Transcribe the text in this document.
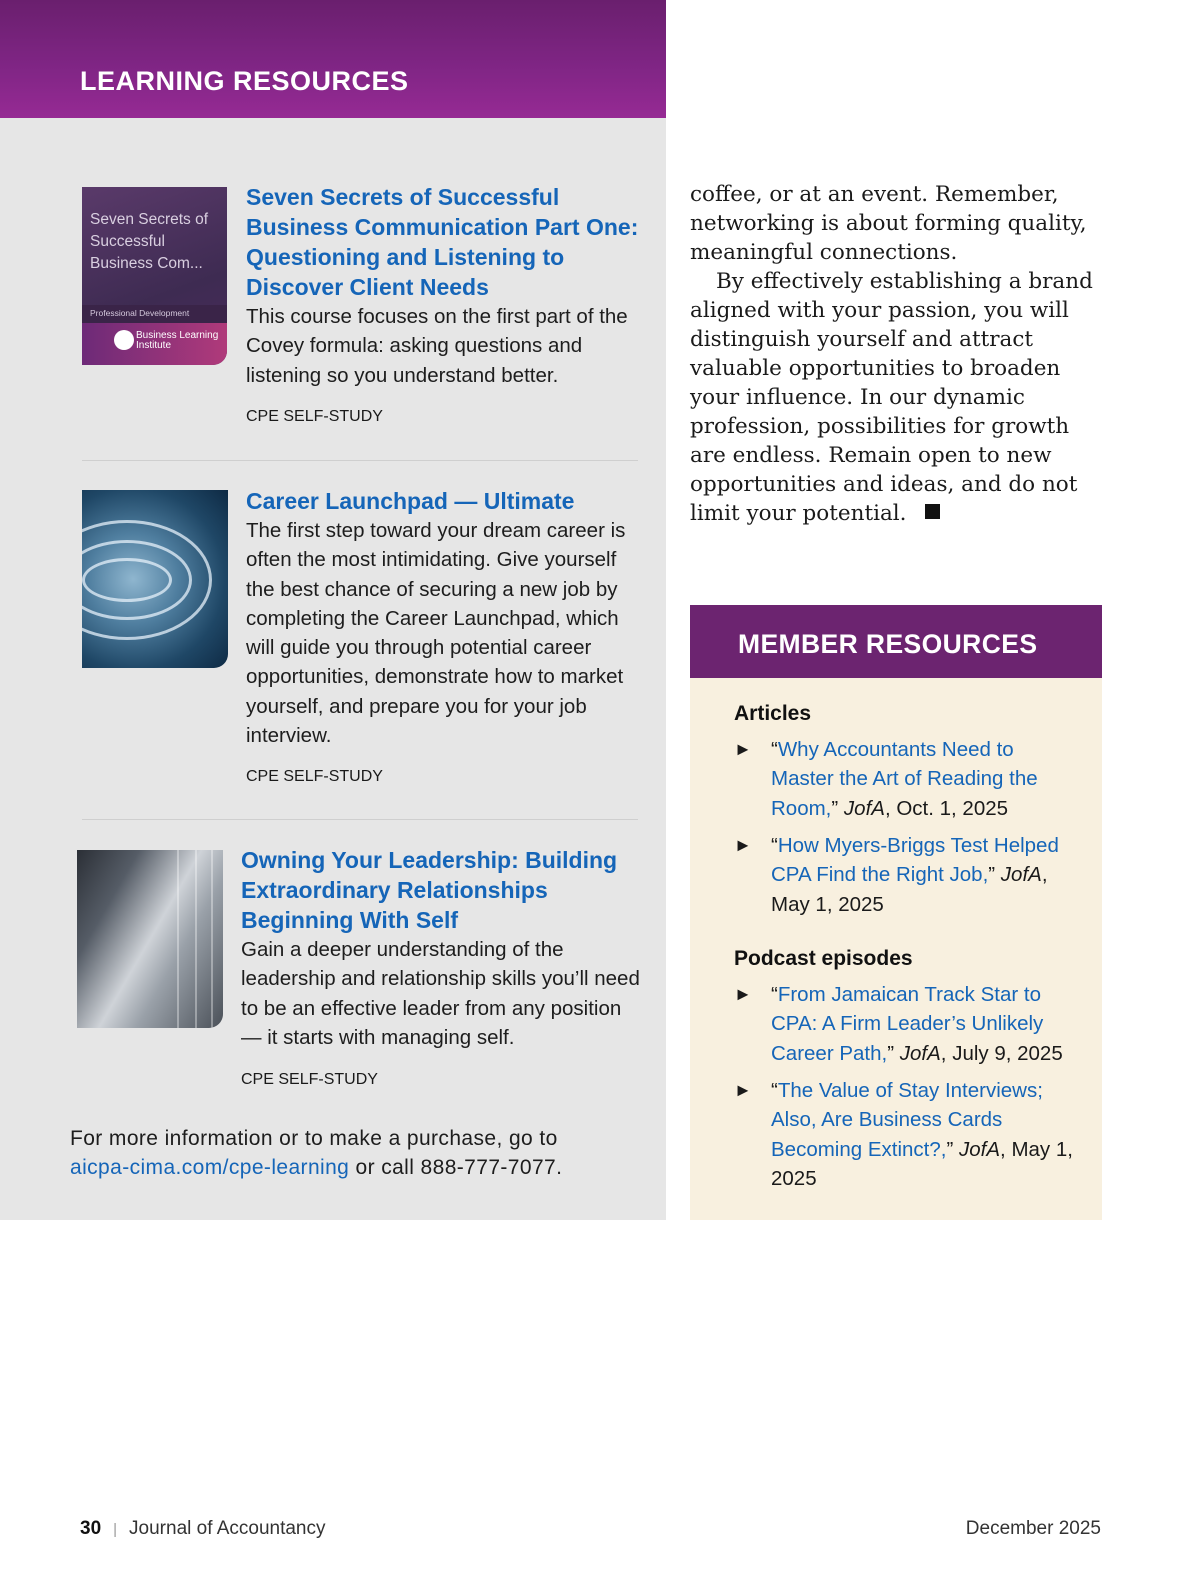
LEARNING RESOURCES
Seven Secrets of Successful Business Com...
Professional Development
Business Learning Institute
Seven Secrets of Successful Business Communication Part One: Questioning and Listening to Discover Client Needs
This course focuses on the first part of the Covey formula: asking questions and listening so you understand better.
CPE SELF-STUDY
Career Launchpad — Ultimate
The first step toward your dream career is often the most intimidating. Give yourself the best chance of securing a new job by completing the Career Launchpad, which will guide you through potential career opportunities, demonstrate how to market yourself, and prepare you for your job interview.
CPE SELF-STUDY
Owning Your Leadership: Building Extraordinary Relationships Beginning With Self
Gain a deeper understanding of the leadership and relationship skills you’ll need to be an effective leader from any position — it starts with managing self.
CPE SELF-STUDY
For more information or to make a purchase, go to
aicpa-cima.com/cpe-learning or call 888-777-7077.

coffee, or at an event. Remember, networking is about forming quality, meaningful connections.

By effectively establishing a brand aligned with your passion, you will distinguish yourself and attract valuable opportunities to broaden your influence. In our dynamic profession, possibilities for growth are endless. Remain open to new opportunities and ideas, and do not limit your potential.

MEMBER RESOURCES
Articles
► “Why Accountants Need to Master the Art of Reading the Room,” JofA, Oct. 1, 2025
► “How Myers-Briggs Test Helped CPA Find the Right Job,” JofA, May 1, 2025
Podcast episodes
► “From Jamaican Track Star to CPA: A Firm Leader’s Unlikely Career Path,” JofA, July 9, 2025
► “The Value of Stay Interviews; Also, Are Business Cards Becoming Extinct?,” JofA, May 1, 2025
30 | Journal of Accountancy	December 2025
